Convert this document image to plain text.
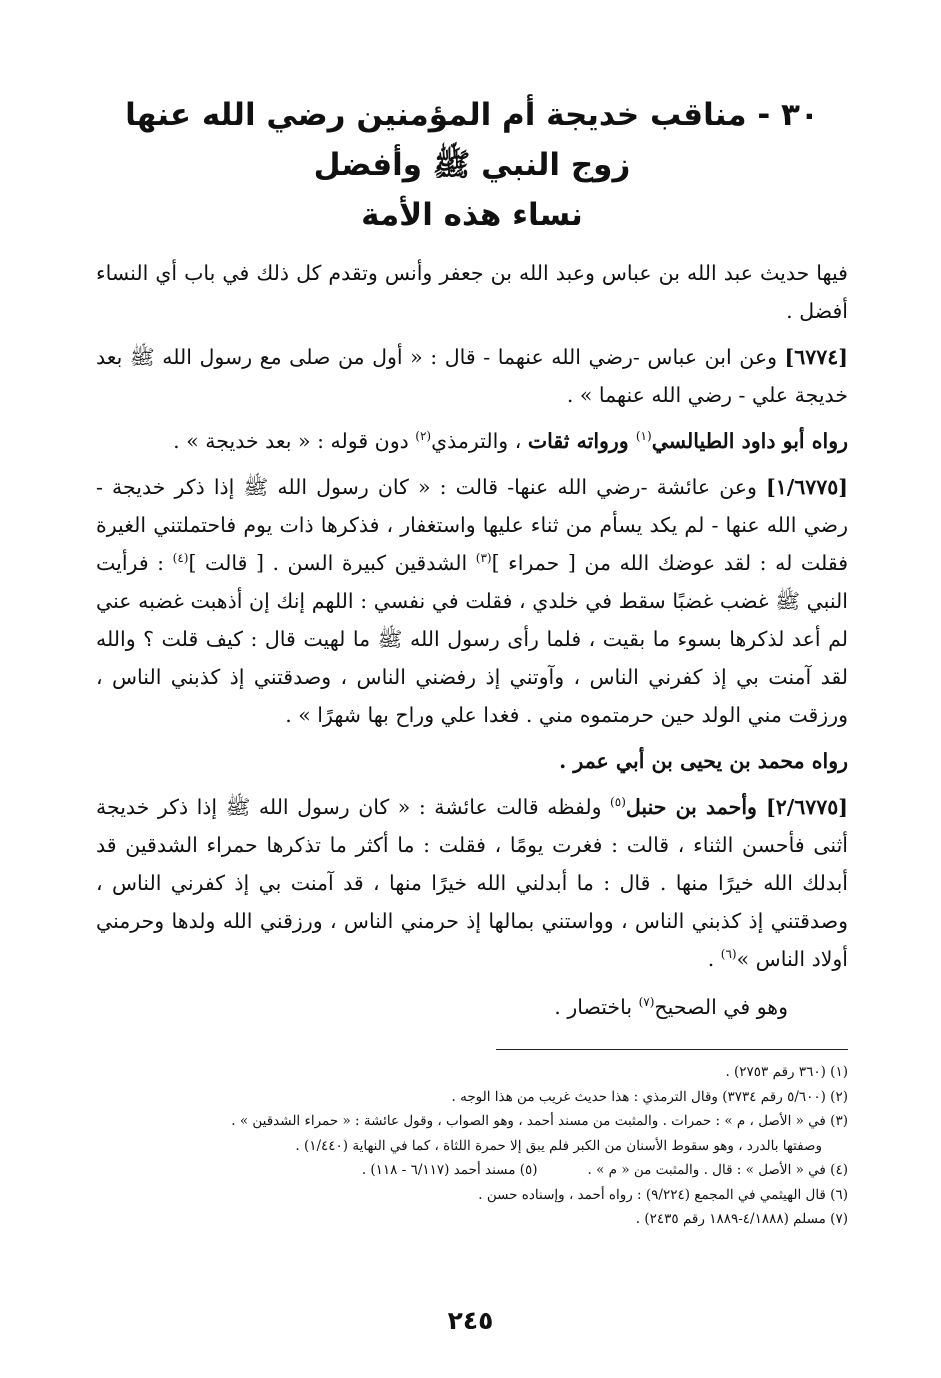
٣٠ - مناقب خديجة أم المؤمنين رضي الله عنها زوج النبي ﷺ وأفضل
نساء هذه الأمة

فيها حديث عبد الله بن عباس وعبد الله بن جعفر وأنس وتقدم كل ذلك في باب أي النساء أفضل .

[٦٧٧٤] وعن ابن عباس -رضي الله عنهما - قال : « أول من صلى مع رسول الله ﷺ بعد خديجة علي - رضي الله عنهما » .

رواه أبو داود الطيالسي$^{(١)}$ ورواته ثقات ، والترمذي$^{(٢)}$ دون قوله : « بعد خديجة » .

[١/٦٧٧٥] وعن عائشة -رضي الله عنها- قالت : « كان رسول الله ﷺ إذا ذكر خديجة - رضي الله عنها - لم يكد يسأم من ثناء عليها واستغفار ، فذكرها ذات يوم فاحتملتني الغيرة فقلت له : لقد عوضك الله من [ حمراء ]$^{(٣)}$ الشدقين كبيرة السن . [ قالت ]$^{(٤)}$ : فرأيت النبي ﷺ غضب غضبًا سقط في خلدي ، فقلت في نفسي : اللهم إنك إن أذهبت غضبه عني لم أعد لذكرها بسوء ما بقيت ، فلما رأى رسول الله ﷺ ما لهيت قال : كيف قلت ؟ والله لقد آمنت بي إذ كفرني الناس ، وآوتني إذ رفضني الناس ، وصدقتني إذ كذبني الناس ، ورزقت مني الولد حين حرمتموه مني . فغدا علي وراح بها شهرًا » .

رواه محمد بن يحيى بن أبي عمر .

[٢/٦٧٧٥] وأحمد بن حنبل$^{(٥)}$ ولفظه قالت عائشة : « كان رسول الله ﷺ إذا ذكر خديجة أثنى فأحسن الثناء ، قالت : فغرت يومًا ، فقلت : ما أكثر ما تذكرها حمراء الشدقين قد أبدلك الله خيرًا منها . قال : ما أبدلني الله خيرًا منها ، قد آمنت بي إذ كفرني الناس ، وصدقتني إذ كذبني الناس ، وواستني بمالها إذ حرمني الناس ، ورزقني الله ولدها وحرمني أولاد الناس »$^{(٦)}$ .

وهو في الصحيح$^{(٧)}$ باختصار .

(١) (٣٦٠ رقم ٢٧٥٣) .

(٢) (٥/٦٠٠ رقم ٣٧٣٤) وقال الترمذي : هذا حديث غريب من هذا الوجه .

(٣) في « الأصل ، م » : حمرات . والمثبت من مسند أحمد ، وهو الصواب ، وقول عائشة : « حمراء الشدقين » .

وصفتها بالدرد ، وهو سقوط الأسنان من الكبر فلم يبق إلا حمرة اللثاة ، كما في النهاية (١/٤٤٠) .

(٤) في « الأصل » : قال . والمثبت من « م » .(٥) مسند أحمد (٦/١١٧ - ١١٨) .

(٦) قال الهيثمي في المجمع (٩/٢٢٤) : رواه أحمد ، وإسناده حسن .

(٧) مسلم (٤/١٨٨٨-١٨٨٩ رقم ٢٤٣٥) .

٢٤٥
